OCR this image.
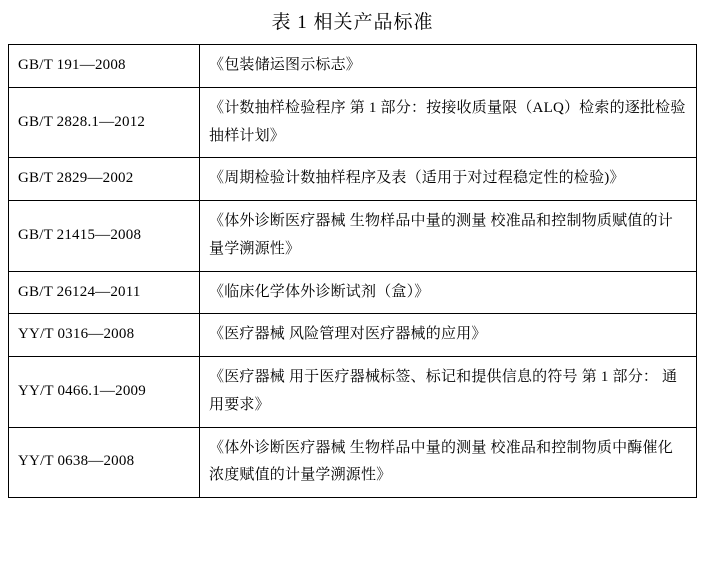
表 1 相关产品标准
GB/T 191—2008	《包装储运图示标志》
GB/T 2828.1—2012	《计数抽样检验程序 第 1 部分：按接收质量限（ALQ）检索的逐批检验抽样计划》
GB/T 2829—2002	《周期检验计数抽样程序及表（适用于对过程稳定性的检验)》
GB/T 21415—2008	《体外诊断医疗器械 生物样品中量的测量 校准品和控制物质赋值的计量学溯源性》
GB/T 26124—2011	《临床化学体外诊断试剂（盒）》
YY/T 0316—2008	《医疗器械 风险管理对医疗器械的应用》
YY/T 0466.1—2009	《医疗器械 用于医疗器械标签、标记和提供信息的符号 第 1 部分： 通用要求》
YY/T 0638—2008	《体外诊断医疗器械 生物样品中量的测量 校准品和控制物质中酶催化浓度赋值的计量学溯源性》
